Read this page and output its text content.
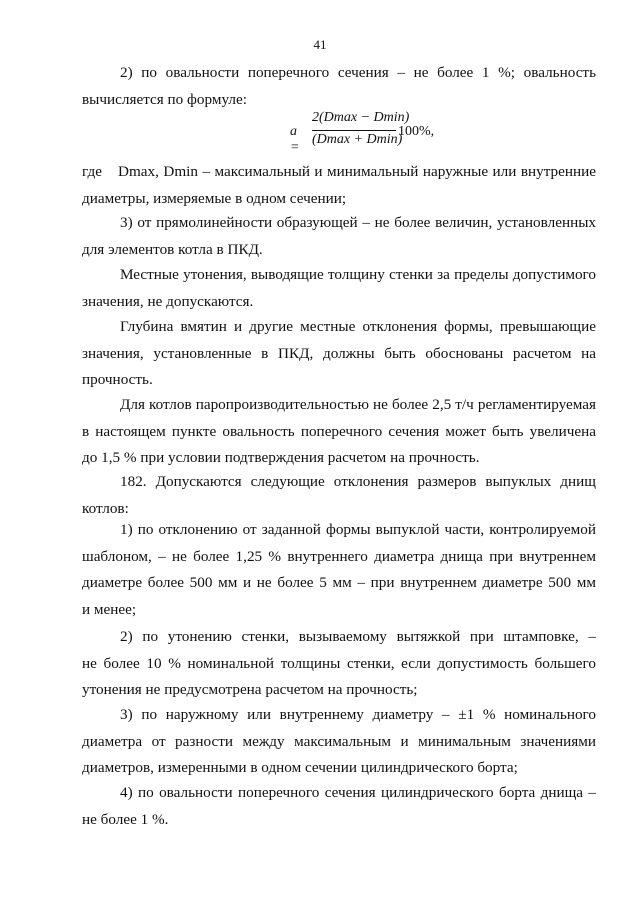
41
2) по овальности поперечного сечения – не более 1 %; овальность
вычисляется по формуле:
a =
2(Dmax − Dmin)
(Dmax + Dmin)
100%,
где Dmax, Dmin – максимальный и минимальный наружные или внутренние
диаметры, измеряемые в одном сечении;
3) от прямолинейности образующей – не более величин, установленных
для элементов котла в ПКД.
Местные утонения, выводящие толщину стенки за пределы допустимого
значения, не допускаются.
Глубина вмятин и другие местные отклонения формы, превышающие
значения, установленные в ПКД, должны быть обоснованы расчетом на
прочность.
Для котлов паропроизводительностью не более 2,5 т/ч регламентируемая
в настоящем пункте овальность поперечного сечения может быть увеличена
до 1,5 % при условии подтверждения расчетом на прочность.
182. Допускаются следующие отклонения размеров выпуклых днищ
котлов:
1) по отклонению от заданной формы выпуклой части, контролируемой
шаблоном, – не более 1,25 % внутреннего диаметра днища при внутреннем
диаметре более 500 мм и не более 5 мм – при внутреннем диаметре 500 мм
и менее;
2) по утонению стенки, вызываемому вытяжкой при штамповке, –
не более 10 % номинальной толщины стенки, если допустимость большего
утонения не предусмотрена расчетом на прочность;
3) по наружному или внутреннему диаметру – ±1 % номинального
диаметра от разности между максимальным и минимальным значениями
диаметров, измеренными в одном сечении цилиндрического борта;
4) по овальности поперечного сечения цилиндрического борта днища –
не более 1 %.
